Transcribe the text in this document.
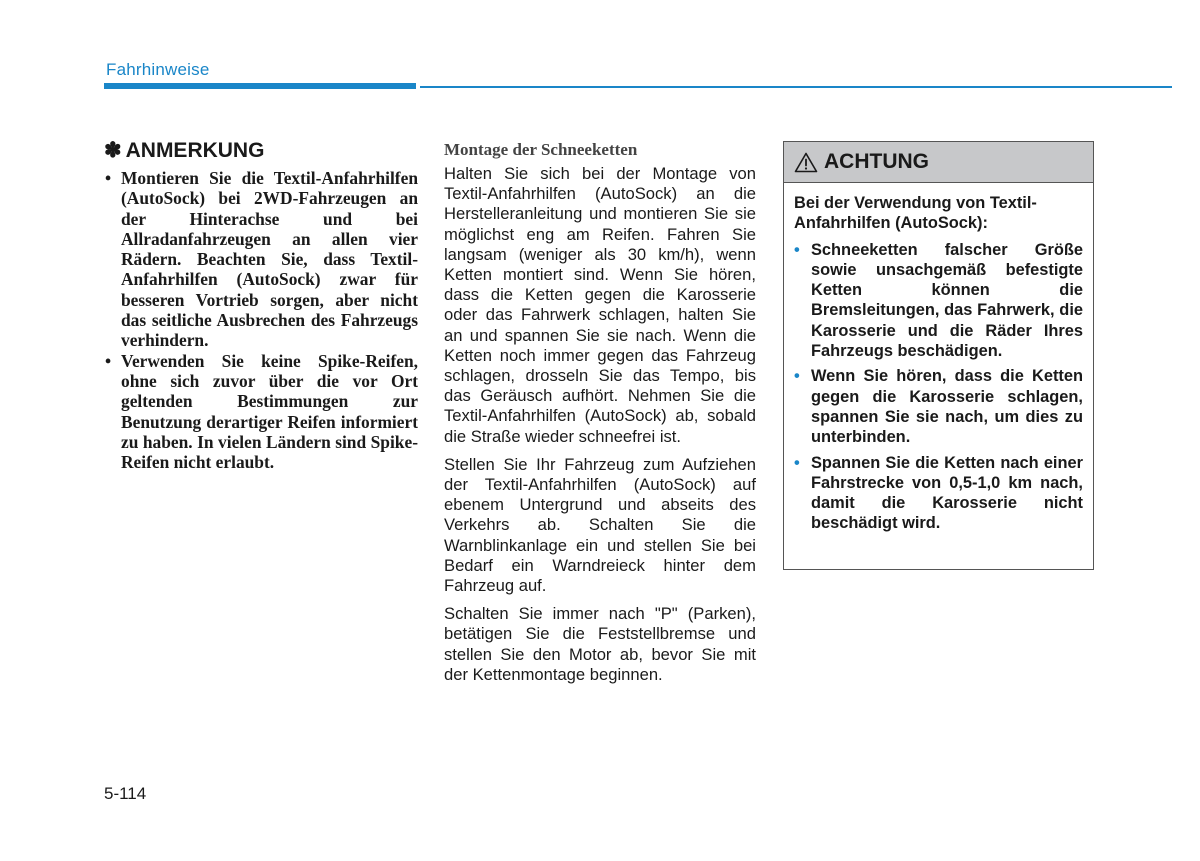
Fahrhinweise
✽ ANMERKUNG
• Montieren Sie die Textil-Anfahrhilfen (AutoSock) bei 2WD-Fahrzeugen an der Hinterachse und bei Allradanfahrzeugen an allen vier Rädern. Beachten Sie, dass Textil-Anfahrhilfen (AutoSock) zwar für besseren Vortrieb sorgen, aber nicht das seitliche Ausbrechen des Fahrzeugs verhindern.
• Verwenden Sie keine Spike-Reifen, ohne sich zuvor über die vor Ort geltenden Bestimmungen zur Benutzung derartiger Reifen informiert zu haben. In vielen Ländern sind Spike-Reifen nicht erlaubt.
Montage der Schneeketten

Halten Sie sich bei der Montage von Textil-Anfahrhilfen (AutoSock) an die Herstelleranleitung und montieren Sie sie möglichst eng am Reifen. Fahren Sie langsam (weniger als 30 km/h), wenn Ketten montiert sind. Wenn Sie hören, dass die Ketten gegen die Karosserie oder das Fahrwerk schlagen, halten Sie an und spannen Sie sie nach. Wenn die Ketten noch immer gegen das Fahrzeug schlagen, drosseln Sie das Tempo, bis das Geräusch aufhört. Nehmen Sie die Textil-Anfahrhilfen (AutoSock) ab, sobald die Straße wieder schneefrei ist.

Stellen Sie Ihr Fahrzeug zum Aufziehen der Textil-Anfahrhilfen (AutoSock) auf ebenem Untergrund und abseits des Verkehrs ab. Schalten Sie die Warnblinkanlage ein und stellen Sie bei Bedarf ein Warndreieck hinter dem Fahrzeug auf.

Schalten Sie immer nach "P" (Parken), betätigen Sie die Feststellbremse und stellen Sie den Motor ab, bevor Sie mit der Kettenmontage beginnen.

ACHTUNG

Bei der Verwendung von Textil-Anfahrhilfen (AutoSock):

• Schneeketten falscher Größe sowie unsachgemäß befestigte Ketten können die Bremsleitungen, das Fahrwerk, die Karosserie und die Räder Ihres Fahrzeugs beschädigen.
• Wenn Sie hören, dass die Ketten gegen die Karosserie schlagen, spannen Sie sie nach, um dies zu unterbinden.
• Spannen Sie die Ketten nach einer Fahrstrecke von 0,5-1,0 km nach, damit die Karosserie nicht beschädigt wird.
5-114
